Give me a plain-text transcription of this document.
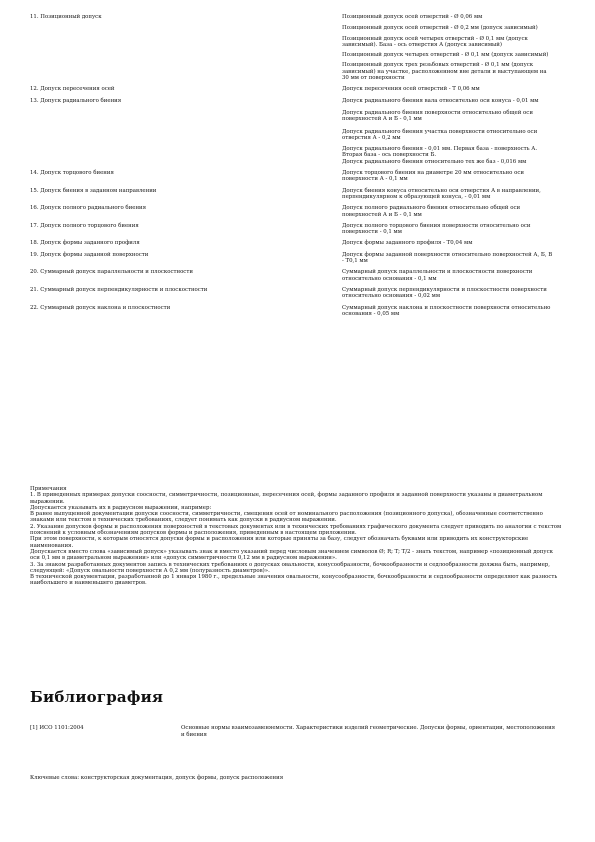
11. Позиционный допуск	Позиционный допуск осей отверстий - Ø 0,06 мм

Позиционный допуск осей отверстий - Ø 0,2 мм (допуск зависимый)

Позиционный допуск осей четырех отверстий - Ø 0,1 мм (допуск зависимый). База - ось отверстия А (допуск зависимый)

Позиционный допуск четырех отверстий - Ø 0,1 мм (допуск зависимый)

Позиционный допуск трех резьбовых отверстий - Ø 0,1 мм (допуск зависимый) на участке, расположенном вне детали и выступающем на 30 мм от поверхности

12. Допуск пересечения осей	Допуск пересечения осей отверстий - T 0,06 мм

13. Допуск радиального биения	Допуск радиального биения вала относительно оси конуса - 0,01 мм

Допуск радиального биения поверхности относительно общей оси поверхностей А и Б - 0,1 мм

Допуск радиального биения участка поверхности относительно оси отверстия А - 0,2 мм

Допуск радиального биения - 0,01 мм. Первая база - поверхность А. Вторая база - ось поверхности Б.

Допуск радиального биения относительно тех же баз - 0,016 мм

14. Допуск торцового биения	Допуск торцового биения на диаметре 20 мм относительно оси поверхности А - 0,1 мм

15. Допуск биения в заданном направлении	Допуск биения конуса относительно оси отверстия А в направлении, перпендикулярном к образующей конуса, - 0,01 мм

16. Допуск полного радиального биения	Допуск полного радиального биения относительно общей оси поверхностей А и Б - 0,1 мм

17. Допуск полного торцового биения	Допуск полного торцового биения поверхности относительно оси поверхности - 0,1 мм

18. Допуск формы заданного профиля	Допуск формы заданного профиля - T0,04 мм

19. Допуск формы заданной поверхности	Допуск формы заданной поверхности относительно поверхностей А, Б, В - T0,1 мм

20. Суммарный допуск параллельности и плоскостности	Суммарный допуск параллельности и плоскостности поверхности относительно основания - 0,1 мм

21. Суммарный допуск перпендикулярности и плоскостности	Суммарный допуск перпендикулярности и плоскостности поверхности относительно основания - 0,02 мм

22. Суммарный допуск наклона и плоскостности	Суммарный допуск наклона и плоскостности поверхности относительно основания - 0,05 мм

Примечания

1. В приведенных примерах допуски соосности, симметричности, позиционные, пересечения осей, формы заданного профиля и заданной поверхности указаны в диаметральном выражении.

Допускается указывать их в радиусном выражении, например:

В ранее выпущенной документации допуски соосности, симметричности, смещения осей от номинального расположения (позиционного допуска), обозначенные соответственно знаками или текстом в технических требованиях, следует понимать как допуски в радиусном выражении.

2. Указание допусков формы и расположения поверхностей в текстовых документах или в технических требованиях графического документа следует приводить по аналогии с текстом пояснений к условным обозначениям допусков формы и расположения, приведенным в настоящем приложении.

При этом поверхности, к которым относятся допуски формы и расположения или которые приняты за базу, следует обозначать буквами или приводить их конструкторские наименования.

Допускается вместо слова «зависимый допуск» указывать знак и вместо указаний перед числовым значением символов Ø; R; T; T/2 - знать текстом, например «позиционный допуск оси 0,1 мм в диаметральном выражении» или «допуск симметричности 0,12 мм в радиусном выражении».

3. За знаком разработанных документов запись в технических требованиях о допусках овальности, конусообразности, бочкообразности и седлообразности должна быть, например, следующей: «Допуск овальности поверхности А 0,2 мм (полуразность диаметров)».

В технической документации, разработанной до 1 января 1980 г., предельные значения овальности, конусообразности, бочкообразности и седлообразности определяют как разность наибольшего и наименьшего диаметров.

Библиография
[1] ИСО 1101:2004	Основные нормы взаимозаменяемости. Характеристики изделий геометрические. Допуски формы, ориентации, местоположения и биения
Ключевые слова: конструкторская документация, допуск формы, допуск расположения
